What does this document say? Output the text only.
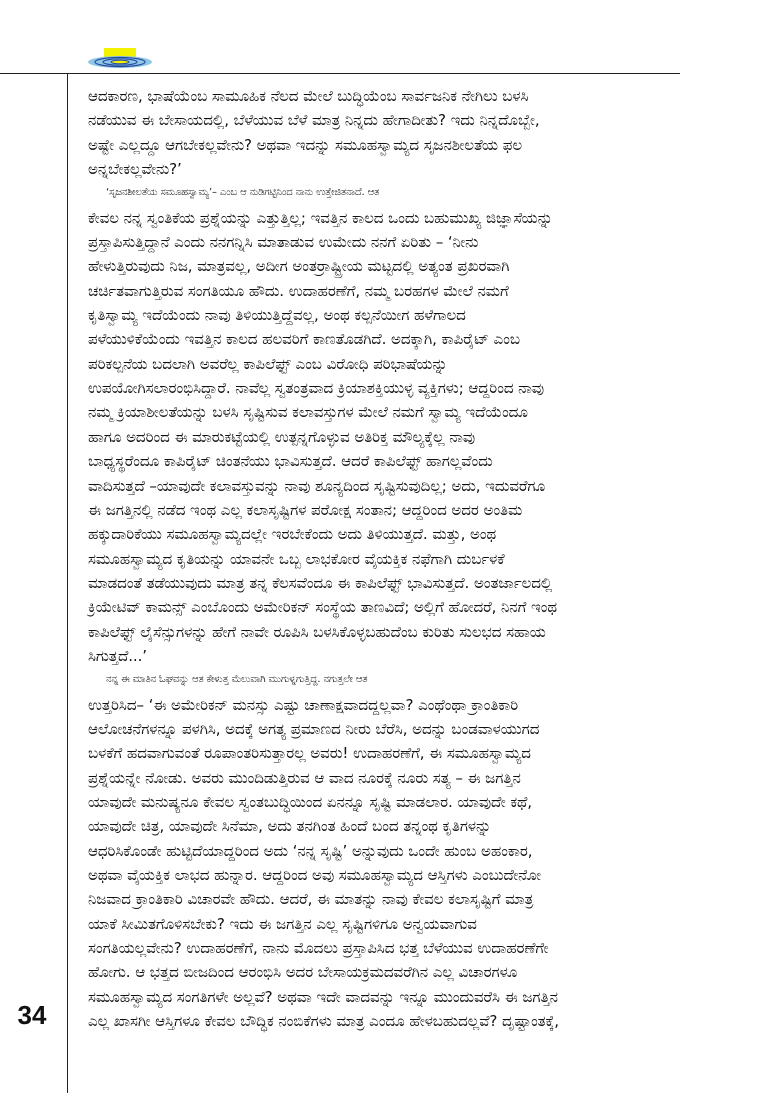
34
ಆದಕಾರಣ, ಭಾಷೆಯೆಂಬ ಸಾಮೂಹಿಕ ನೆಲದ ಮೇಲೆ ಬುದ್ಧಿಯೆಂಬ ಸಾರ್ವಜನಿಕ ನೇಗಿಲು ಬಳಸಿ
ನಡೆಯುವ ಈ ಬೇಸಾಯದಲ್ಲಿ, ಬೆಳೆಯುವ ಬೆಳೆ ಮಾತ್ರ ನಿನ್ನದು ಹೇಗಾದೀತು? ಇದು ನಿನ್ನದೊಬ್ಬೇ,
ಅಷ್ಟೇ ಎಲ್ಲದ್ದೂ ಆಗಬೇಕಲ್ಲವೇನು? ಅಥವಾ ಇದನ್ನು ಸಮೂಹಸ್ವಾಮ್ಯದ ಸೃಜನಶೀಲತೆಯ ಫಲ
ಅನ್ನಬೇಕಲ್ಲವೇನು?’
‘ಸೃಜನಶೀಲತೆಯ ಸಮೂಹಸ್ವಾಮ್ಯ’– ಎಂಬ ಆ ನುಡಿಗಟ್ಟಿನಿಂದ ನಾನು ಉತ್ತೇಜಿತನಾದೆ. ಆತ
ಕೇವಲ ನನ್ನ ಸ್ವಂತಿಕೆಯ ಪ್ರಶ್ನೆಯನ್ನು ಎತ್ತುತ್ತಿಲ್ಲ; ಇವತ್ತಿನ ಕಾಲದ ಒಂದು ಬಹುಮುಖ್ಯ ಜಿಜ್ಞಾಸೆಯನ್ನು
ಪ್ರಸ್ತಾಪಿಸುತ್ತಿದ್ದಾನೆ ಎಂದು ನನಗನ್ನಿಸಿ ಮಾತಾಡುವ ಉಮೇದು ನನಗೆ ಏರಿತು – ‘ನೀನು
ಹೇಳುತ್ತಿರುವುದು ನಿಜ, ಮಾತ್ರವಲ್ಲ, ಅದೀಗ ಅಂತರ್ರಾಷ್ಟ್ರೀಯ ಮಟ್ಟದಲ್ಲಿ ಅತ್ಯಂತ ಪ್ರಖರವಾಗಿ
ಚರ್ಚಿತವಾಗುತ್ತಿರುವ ಸಂಗತಿಯೂ ಹೌದು. ಉದಾಹರಣೆಗೆ, ನಮ್ಮ ಬರಹಗಳ ಮೇಲೆ ನಮಗೆ
ಕೃತಿಸ್ವಾಮ್ಯ ಇದೆಯೆಂದು ನಾವು ತಿಳಿಯುತ್ತಿದ್ದೆವಲ್ಲ, ಅಂಥ ಕಲ್ಪನೆಯೀಗ ಹಳೆಗಾಲದ
ಪಳೆಯುಳಿಕೆಯೆಂದು ಇವತ್ತಿನ ಕಾಲದ ಹಲವರಿಗೆ ಕಾಣತೊಡಗಿದೆ. ಅದಕ್ಕಾಗಿ, ಕಾಪಿರೈಟ್ ಎಂಬ
ಪರಿಕಲ್ಪನೆಯ ಬದಲಾಗಿ ಅವರೆಲ್ಲ ಕಾಪಿಲೆಫ್ಟ್ ಎಂಬ ವಿರೋಧಿ ಪರಿಭಾಷೆಯನ್ನು
ಉಪಯೋಗಿಸಲಾರಂಭಿಸಿದ್ದಾರೆ. ನಾವೆಲ್ಲ ಸ್ವತಂತ್ರವಾದ ಕ್ರಿಯಾಶಕ್ತಿಯುಳ್ಳ ವ್ಯಕ್ತಿಗಳು; ಆದ್ದರಿಂದ ನಾವು
ನಮ್ಮ ಕ್ರಿಯಾಶೀಲತೆಯನ್ನು ಬಳಸಿ ಸೃಷ್ಟಿಸುವ ಕಲಾವಸ್ತುಗಳ ಮೇಲೆ ನಮಗೆ ಸ್ವಾಮ್ಯ ಇದೆಯೆಂದೂ
ಹಾಗೂ ಅದರಿಂದ ಈ ಮಾರುಕಟ್ಟೆಯಲ್ಲಿ ಉತ್ಪನ್ನಗೊಳ್ಳುವ ಅತಿರಿಕ್ತ ಮೌಲ್ಯಕ್ಕೆಲ್ಲ ನಾವು
ಬಾಧ್ಯಸ್ಥರೆಂದೂ ಕಾಪಿರೈಟ್ ಚಿಂತನೆಯು ಭಾವಿಸುತ್ತದೆ. ಆದರೆ ಕಾಪಿಲೆಫ್ಟ್ ಹಾಗಲ್ಲವೆಂದು
ವಾದಿಸುತ್ತದೆ –ಯಾವುದೇ ಕಲಾವಸ್ತುವನ್ನು ನಾವು ಶೂನ್ಯದಿಂದ ಸೃಷ್ಟಿಸುವುದಿಲ್ಲ; ಅದು, ಇದುವರೆಗೂ
ಈ ಜಗತ್ತಿನಲ್ಲಿ ನಡೆದ ಇಂಥ ಎಲ್ಲ ಕಲಾಸೃಷ್ಟಿಗಳ ಪರೋಕ್ಷ ಸಂತಾನ; ಆದ್ದರಿಂದ ಅದರ ಅಂತಿಮ
ಹಕ್ಕುದಾರಿಕೆಯು ಸಮೂಹಸ್ವಾಮ್ಯದಲ್ಲೇ ಇರಬೇಕೆಂದು ಅದು ತಿಳಿಯುತ್ತದೆ. ಮತ್ತು, ಅಂಥ
ಸಮೂಹಸ್ವಾಮ್ಯದ ಕೃತಿಯನ್ನು ಯಾವನೇ ಒಬ್ಬ ಲಾಭಕೋರ ವೈಯಕ್ತಿಕ ನಫೆಗಾಗಿ ದುರ್ಬಳಕೆ
ಮಾಡದಂತೆ ತಡೆಯುವುದು ಮಾತ್ರ ತನ್ನ ಕೆಲಸವೆಂದೂ ಈ ಕಾಪಿಲೆಫ್ಟ್ ಭಾವಿಸುತ್ತದೆ. ಅಂತರ್ಜಾಲದಲ್ಲಿ
ಕ್ರಿಯೇಟಿವ್ ಕಾಮನ್ಸ್ ಎಂಬೊಂದು ಅಮೇರಿಕನ್ ಸಂಸ್ಥೆಯ ತಾಣವಿದೆ; ಅಲ್ಲಿಗೆ ಹೋದರೆ, ನಿನಗೆ ಇಂಥ
ಕಾಪಿಲೆಫ್ಟ್ ಲೈಸೆನ್ಸುಗಳನ್ನು ಹೇಗೆ ನಾವೇ ರೂಪಿಸಿ ಬಳಸಿಕೊಳ್ಳಬಹುದೆಂಬ ಕುರಿತು ಸುಲಭದ ಸಹಾಯ
ಸಿಗುತ್ತದೆ...’
ನನ್ನ ಈ ಮಾತಿನ ಓಘವನ್ನು ಆತ ಕೇಳುತ್ತ ಮೆಲುವಾಗಿ ಮುಗುಳ್ನಗುತ್ತಿದ್ದ. ನಗುತ್ತಲೇ ಆತ
ಉತ್ತರಿಸಿದ– ‘ಈ ಅಮೇರಿಕನ್ ಮನಸ್ಸು ಎಷ್ಟು ಚಾಣಾಕ್ಷವಾದದ್ದಲ್ಲವಾ? ಎಂಥೆಂಥಾ ಕ್ರಾಂತಿಕಾರಿ
ಆಲೋಚನೆಗಳನ್ನೂ ಪಳಗಿಸಿ, ಅದಕ್ಕೆ ಅಗತ್ಯ ಪ್ರಮಾಣದ ನೀರು ಬೆರೆಸಿ, ಅದನ್ನು ಬಂಡವಾಳಯುಗದ
ಬಳಕೆಗೆ ಹದವಾಗುವಂತೆ ರೂಪಾಂತರಿಸುತ್ತಾರಲ್ಲ ಅವರು! ಉದಾಹರಣೆಗೆ, ಈ ಸಮೂಹಸ್ವಾಮ್ಯದ
ಪ್ರಶ್ನೆಯನ್ನೇ ನೋಡು. ಅವರು ಮುಂದಿಡುತ್ತಿರುವ ಆ ವಾದ ನೂರಕ್ಕೆ ನೂರು ಸತ್ಯ – ಈ ಜಗತ್ತಿನ
ಯಾವುದೇ ಮನುಷ್ಯನೂ ಕೇವಲ ಸ್ವಂತಬುದ್ಧಿಯಿಂದ ಏನನ್ನೂ ಸೃಷ್ಟಿ ಮಾಡಲಾರ. ಯಾವುದೇ ಕಥೆ,
ಯಾವುದೇ ಚಿತ್ರ, ಯಾವುದೇ ಸಿನೆಮಾ, ಅದು ತನಗಿಂತ ಹಿಂದೆ ಬಂದ ತನ್ನಂಥ ಕೃತಿಗಳನ್ನು
ಆಧರಿಸಿಕೊಂಡೇ ಹುಟ್ಟಿದೆಯಾದ್ದರಿಂದ ಅದು ‘ನನ್ನ ಸೃಷ್ಟಿ’ ಅನ್ನುವುದು ಒಂದೇ ಹುಂಬ ಅಹಂಕಾರ,
ಅಥವಾ ವೈಯಕ್ತಿಕ ಲಾಭದ ಹುನ್ನಾರ. ಆದ್ದರಿಂದ ಅವು ಸಮೂಹಸ್ವಾಮ್ಯದ ಆಸ್ತಿಗಳು ಎಂಬುದೇನೋ
ನಿಜವಾದ ಕ್ರಾಂತಿಕಾರಿ ವಿಚಾರವೇ ಹೌದು. ಆದರೆ, ಈ ಮಾತನ್ನು ನಾವು ಕೇವಲ ಕಲಾಸೃಷ್ಟಿಗೆ ಮಾತ್ರ
ಯಾಕೆ ಸೀಮಿತಗೊಳಿಸಬೇಕು? ಇದು ಈ ಜಗತ್ತಿನ ಎಲ್ಲ ಸೃಷ್ಟಿಗಳಿಗೂ ಅನ್ವಯವಾಗುವ
ಸಂಗತಿಯಲ್ಲವೇನು? ಉದಾಹರಣೆಗೆ, ನಾನು ಮೊದಲು ಪ್ರಸ್ತಾಪಿಸಿದ ಭತ್ತ ಬೆಳೆಯುವ ಉದಾಹರಣೆಗೇ
ಹೋಗು. ಆ ಭತ್ತದ ಬೀಜದಿಂದ ಆರಂಭಿಸಿ ಅದರ ಬೇಸಾಯಕ್ರಮದವರೆಗಿನ ಎಲ್ಲ ವಿಚಾರಗಳೂ
ಸಮೂಹಸ್ವಾಮ್ಯದ ಸಂಗತಿಗಳೇ ಅಲ್ಲವೆ? ಅಥವಾ ಇದೇ ವಾದವನ್ನು ಇನ್ನೂ ಮುಂದುವರೆಸಿ ಈ ಜಗತ್ತಿನ
ಎಲ್ಲ ಖಾಸಗೀ ಆಸ್ತಿಗಳೂ ಕೇವಲ ಬೌದ್ಧಿಕ ನಂಬಿಕೆಗಳು ಮಾತ್ರ ಎಂದೂ ಹೇಳಬಹುದಲ್ಲವೆ? ದೃಷ್ಟಾಂತಕ್ಕೆ,
